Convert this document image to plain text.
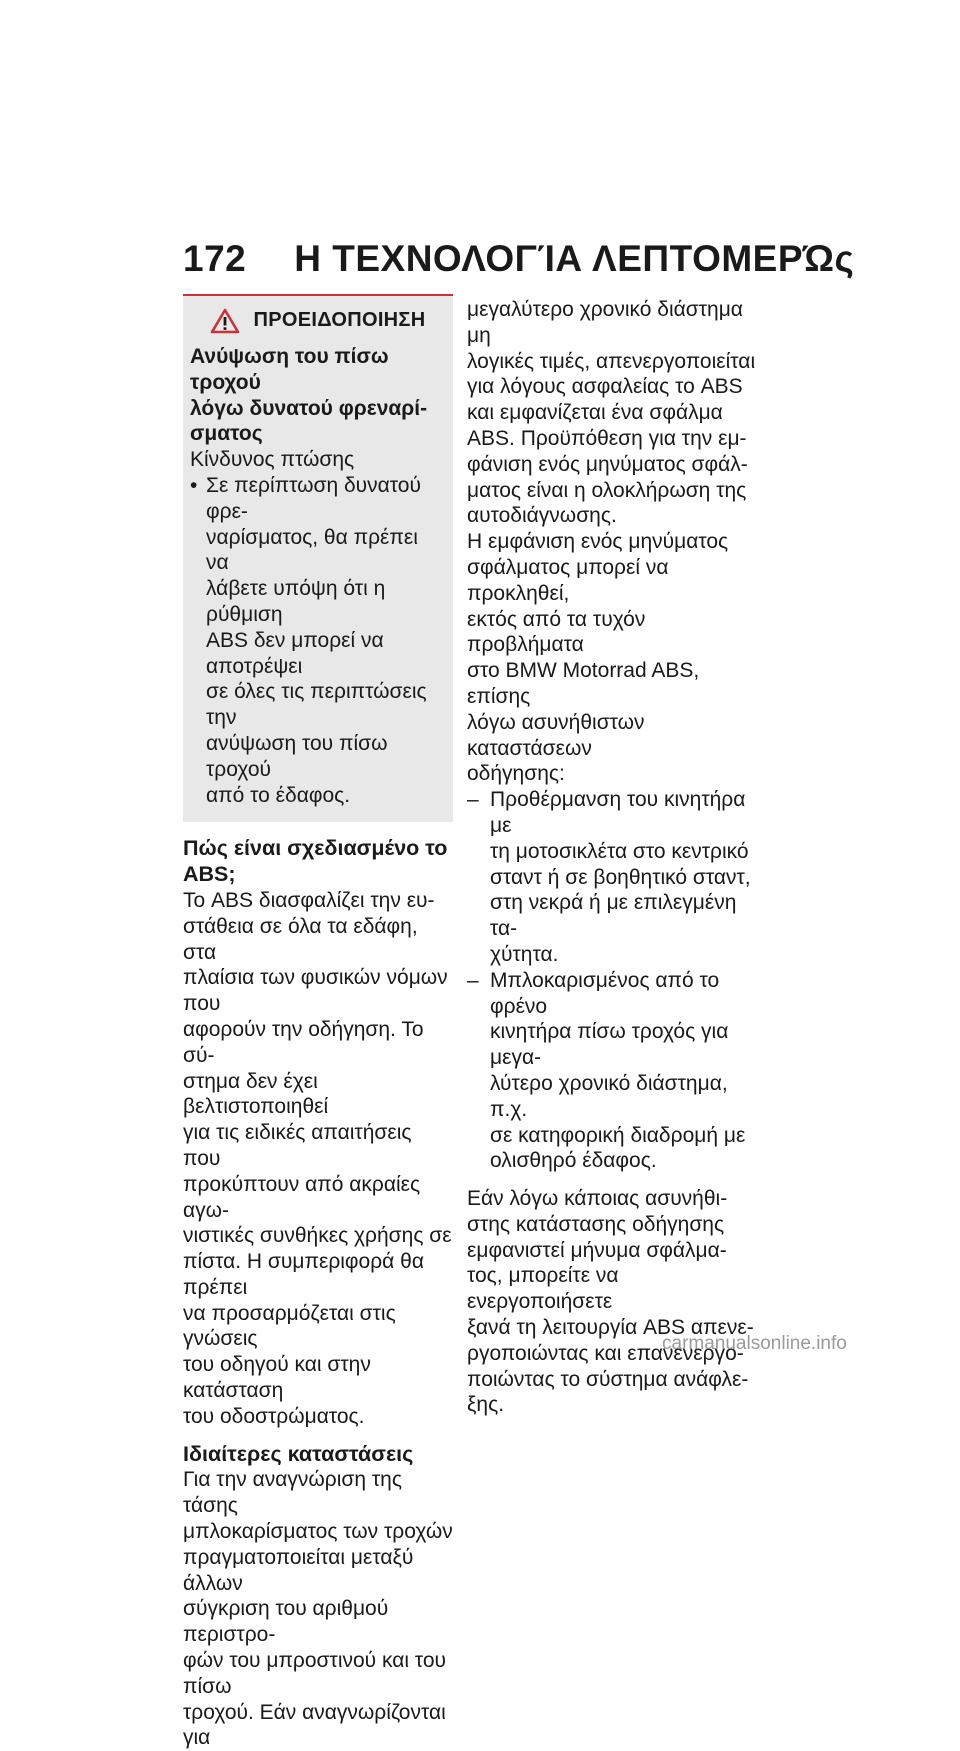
172 Η ΤΕΧΝΟΛΟΓΊΑ ΛΕΠΤΟΜΕΡΏς
ΠΡΟΕΙΔΟΠΟΙΗΣΗ
Ανύψωση του πίσω τροχού
λόγω δυνατού φρεναρί-
σματος
Κίνδυνος πτώσης
• Σε περίπτωση δυνατού φρε-
ναρίσματος, θα πρέπει να
λάβετε υπόψη ότι η ρύθμιση
ABS δεν μπορεί να αποτρέψει
σε όλες τις περιπτώσεις την
ανύψωση του πίσω τροχού
από το έδαφος.
Πώς είναι σχεδιασμένο το
ABS;
Το ABS διασφαλίζει την ευ-
στάθεια σε όλα τα εδάφη, στα
πλαίσια των φυσικών νόμων που
αφορούν την οδήγηση. Το σύ-
στημα δεν έχει βελτιστοποιηθεί
για τις ειδικές απαιτήσεις που
προκύπτουν από ακραίες αγω-
νιστικές συνθήκες χρήσης σε
πίστα. Η συμπεριφορά θα πρέπει
να προσαρμόζεται στις γνώσεις
του οδηγού και στην κατάσταση
του οδοστρώματος.
Ιδιαίτερες καταστάσεις
Για την αναγνώριση της τάσης
μπλοκαρίσματος των τροχών
πραγματοποιείται μεταξύ άλλων
σύγκριση του αριθμού περιστρο-
φών του μπροστινού και του πίσω
τροχού. Εάν αναγνωρίζονται για
μεγαλύτερο χρονικό διάστημα μη
λογικές τιμές, απενεργοποιείται
για λόγους ασφαλείας το ABS
και εμφανίζεται ένα σφάλμα
ABS. Προϋπόθεση για την εμ-
φάνιση ενός μηνύματος σφάλ-
ματος είναι η ολοκλήρωση της
αυτοδιάγνωσης.
Η εμφάνιση ενός μηνύματος
σφάλματος μπορεί να προκληθεί,
εκτός από τα τυχόν προβλήματα
στο BMW Motorrad ABS, επίσης
λόγω ασυνήθιστων καταστάσεων
οδήγησης:
– Προθέρμανση του κινητήρα με
τη μοτοσικλέτα στο κεντρικό
σταντ ή σε βοηθητικό σταντ,
στη νεκρά ή με επιλεγμένη τα-
χύτητα.
– Μπλοκαρισμένος από το φρένο
κινητήρα πίσω τροχός για μεγα-
λύτερο χρονικό διάστημα, π.χ.
σε κατηφορική διαδρομή με
ολισθηρό έδαφος.
Εάν λόγω κάποιας ασυνήθι-
στης κατάστασης οδήγησης
εμφανιστεί μήνυμα σφάλμα-
τος, μπορείτε να ενεργοποιήσετε
ξανά τη λειτουργία ABS απενε-
ργοποιώντας και επανενεργο-
ποιώντας το σύστημα ανάφλε-
ξης.
carmanualsonline.info
